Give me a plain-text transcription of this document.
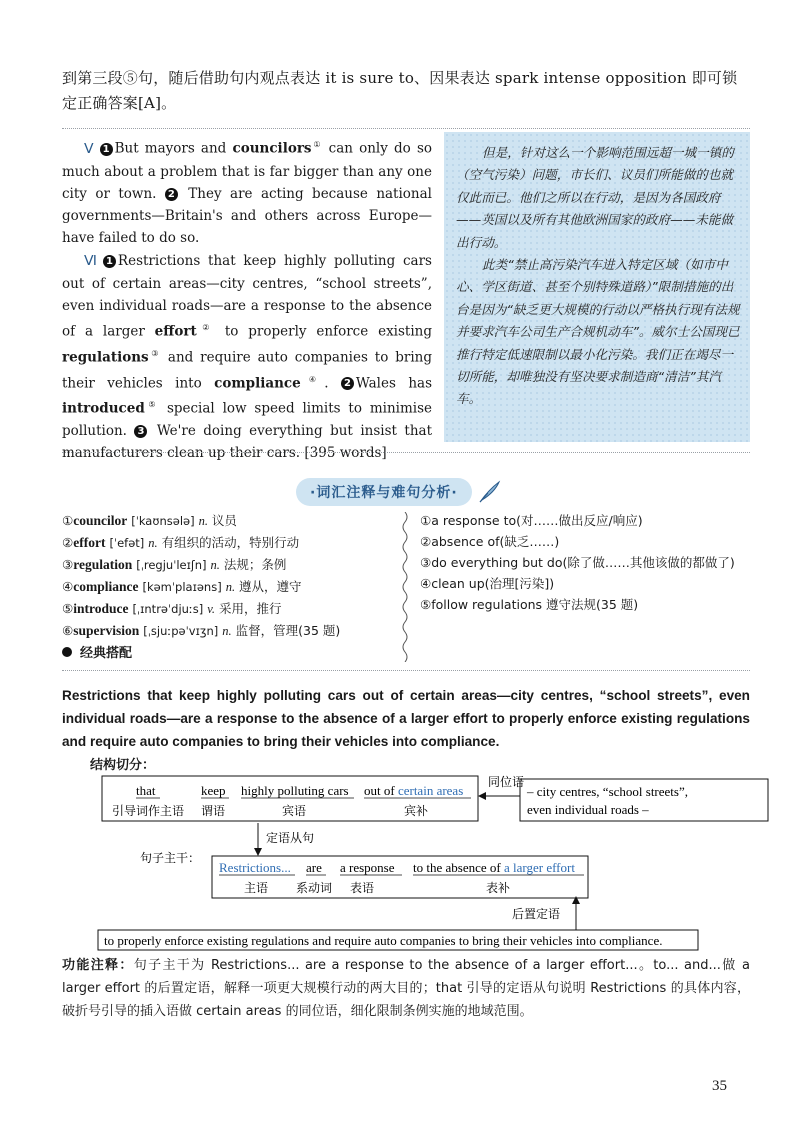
到第三段⑤句，随后借助句内观点表达 it is sure to、因果表达 spark intense opposition 即可锁定正确答案[A]。

Ⅴ 1 But mayors and councilors① can only do so much about a problem that is far bigger than any one city or town. 2 They are acting because national governments—Britain's and others across Europe—have failed to do so.

Ⅵ 1 Restrictions that keep highly polluting cars out of certain areas—city centres, “school streets”, even individual roads—are a response to the absence of a larger effort② to properly enforce existing regulations③ and require auto companies to bring their vehicles into compliance④. 2 Wales has introduced⑤ special low speed limits to minimise pollution. 3 We're doing everything but insist that manufacturers clean up their cars. [395 words]

但是，针对这么一个影响范围远超一城一镇的（空气污染）问题，市长们、议员们所能做的也就仅此而已。他们之所以在行动，是因为各国政府——英国以及所有其他欧洲国家的政府——未能做出行动。

此类“禁止高污染汽车进入特定区域（如市中心、学区街道、甚至个别特殊道路）”限制措施的出台是因为“缺乏更大规模的行动以严格执行现有法规并要求汽车公司生产合规机动车”。威尔士公国现已推行特定低速限制以最小化污染。我们正在竭尽一切所能，却唯独没有坚决要求制造商“清洁”其汽车。

·词汇注释与难句分析·
①councilor [ˈkaʊnsələ] n. 议员
②effort [ˈefət] n. 有组织的活动，特别行动
③regulation [ˌregjuˈleɪʃn] n. 法规；条例
④compliance [kəmˈplaɪəns] n. 遵从，遵守
⑤introduce [ˌɪntrəˈdjuːs] v. 采用，推行
⑥supervision [ˌsjuːpəˈvɪʒn] n. 监督，管理(35 题)
①a response to(对……做出反应/响应)
②absence of(缺乏……)
③do everything but do(除了做……其他该做的都做了)
④clean up(治理[污染])
⑤follow regulations 遵守法规(35 题)
经典搭配
Restrictions that keep highly polluting cars out of certain areas—city centres, “school streets”, even individual roads—are a response to the absence of a larger effort to properly enforce existing regulations and require auto companies to bring their vehicles into compliance.
结构切分：
that
引导词作主语
keep
谓语
highly polluting cars
宾语
out of certain areas
宾补
同位语
– city centres, “school streets”,
even individual roads –
定语从句
句子主干：
Restrictions...
主语
are
系动词
a response
表语
to the absence of a larger effort
表补
后置定语
to properly enforce existing regulations and require auto companies to bring their vehicles into compliance.
功能注释：句子主干为 Restrictions... are a response to the absence of a larger effort...。to... and...做 a larger effort 的后置定语，解释一项更大规模行动的两大目的；that 引导的定语从句说明 Restrictions 的具体内容，破折号引导的插入语做 certain areas 的同位语，细化限制条例实施的地域范围。
35
